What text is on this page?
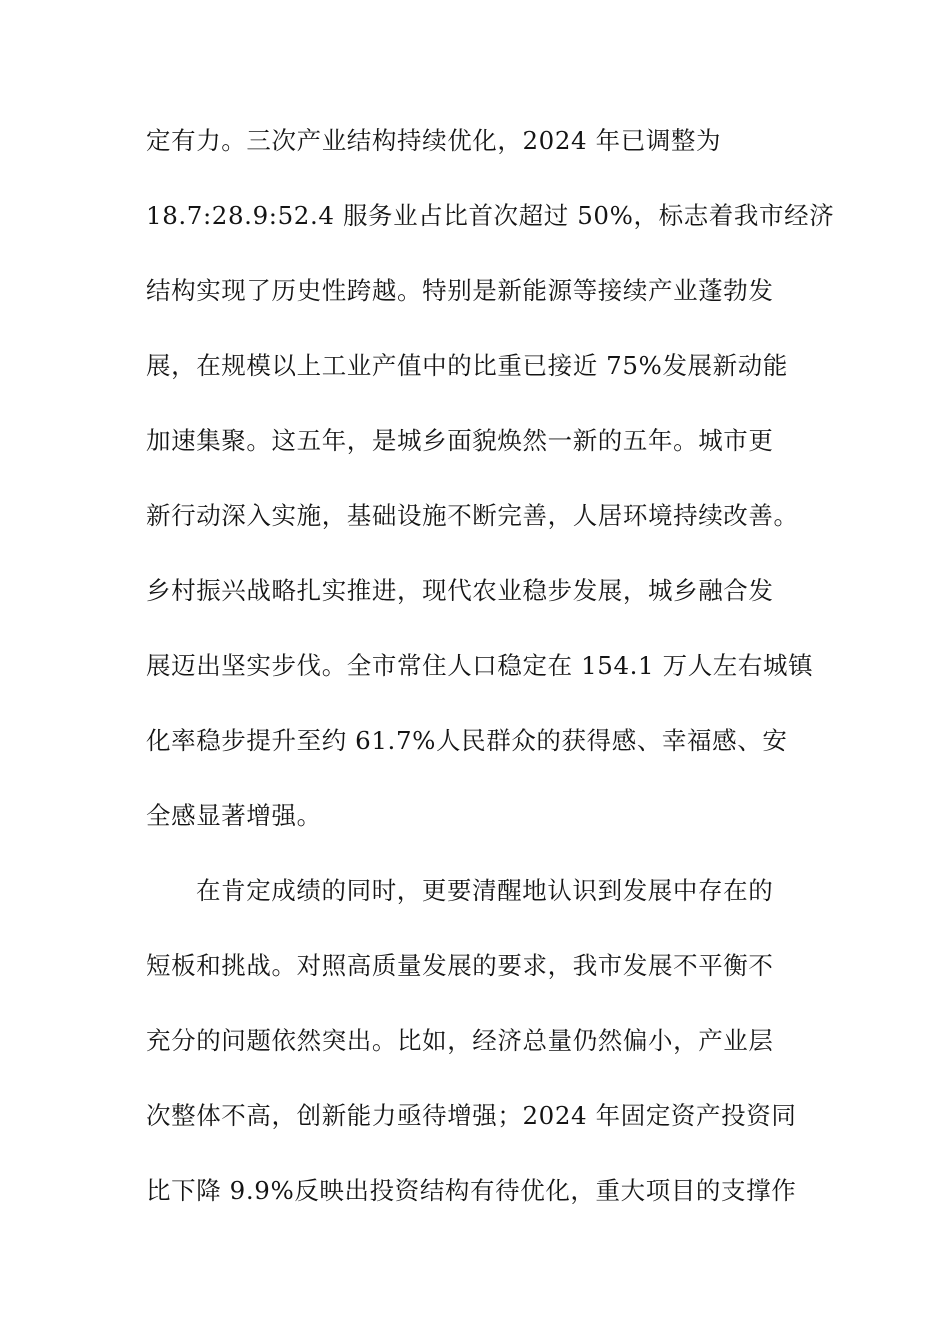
定有力。三次产业结构持续优化，2024 年已调整为
18.7:28.9:52.4 服务业占比首次超过 50%，标志着我市经济
结构实现了历史性跨越。特别是新能源等接续产业蓬勃发
展，在规模以上工业产值中的比重已接近 75%发展新动能
加速集聚。这五年，是城乡面貌焕然一新的五年。城市更
新行动深入实施，基础设施不断完善，人居环境持续改善。
乡村振兴战略扎实推进，现代农业稳步发展，城乡融合发
展迈出坚实步伐。全市常住人口稳定在 154.1 万人左右城镇
化率稳步提升至约 61.7%人民群众的获得感、幸福感、安
全感显著增强。
在肯定成绩的同时，更要清醒地认识到发展中存在的
短板和挑战。对照高质量发展的要求，我市发展不平衡不
充分的问题依然突出。比如，经济总量仍然偏小，产业层
次整体不高，创新能力亟待增强；2024 年固定资产投资同
比下降 9.9%反映出投资结构有待优化，重大项目的支撑作
